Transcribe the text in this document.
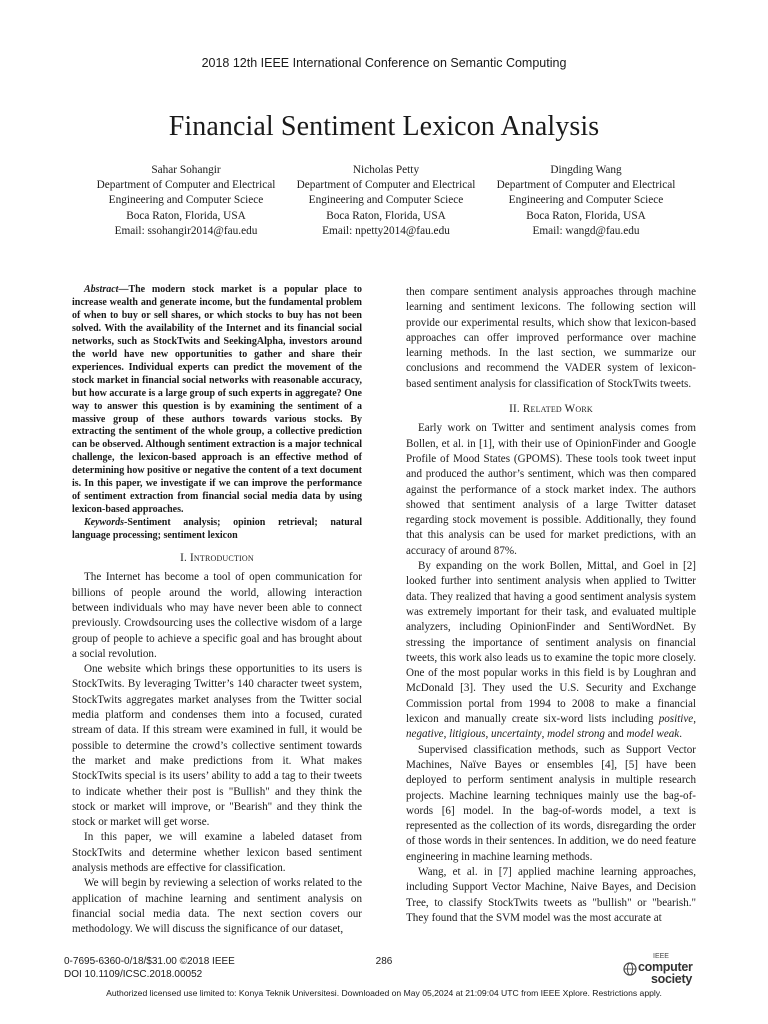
2018 12th IEEE International Conference on Semantic Computing
Financial Sentiment Lexicon Analysis
Sahar Sohangir
Department of Computer and Electrical
Engineering and Computer Sciece
Boca Raton, Florida, USA
Email: ssohangir2014@fau.edu
Nicholas Petty
Department of Computer and Electrical
Engineering and Computer Sciece
Boca Raton, Florida, USA
Email: npetty2014@fau.edu
Dingding Wang
Department of Computer and Electrical
Engineering and Computer Sciece
Boca Raton, Florida, USA
Email: wangd@fau.edu

Abstract—The modern stock market is a popular place to increase wealth and generate income, but the fundamental problem of when to buy or sell shares, or which stocks to buy has not been solved. With the availability of the Internet and its financial social networks, such as StockTwits and SeekingAlpha, investors around the world have new opportunities to gather and share their experiences. Individual experts can predict the movement of the stock market in financial social networks with reasonable accuracy, but how accurate is a large group of such experts in aggregate? One way to answer this question is by examining the sentiment of a massive group of these authors towards various stocks. By extracting the sentiment of the whole group, a collective prediction can be observed. Although sentiment extraction is a major technical challenge, the lexicon-based approach is an effective method of determining how positive or negative the content of a text document is. In this paper, we investigate if we can improve the performance of sentiment extraction from financial social media data by using lexicon-based approaches.

Keywords-Sentiment analysis; opinion retrieval; natural language processing; sentiment lexicon

I. Introduction

The Internet has become a tool of open communication for billions of people around the world, allowing interaction between individuals who may have never been able to connect previously. Crowdsourcing uses the collective wisdom of a large group of people to achieve a specific goal and has brought about a social revolution.

One website which brings these opportunities to its users is StockTwits. By leveraging Twitter’s 140 character tweet system, StockTwits aggregates market analyses from the Twitter social media platform and condenses them into a focused, curated stream of data. If this stream were examined in full, it would be possible to determine the crowd’s collective sentiment towards the market and make predictions from it. What makes StockTwits special is its users’ ability to add a tag to their tweets to indicate whether their post is "Bullish" and they think the stock or market will improve, or "Bearish" and they think the stock or market will get worse.

In this paper, we will examine a labeled dataset from StockTwits and determine whether lexicon based sentiment analysis methods are effective for classification.

We will begin by reviewing a selection of works related to the application of machine learning and sentiment analysis on financial social media data. The next section covers our methodology. We will discuss the significance of our dataset,

then compare sentiment analysis approaches through machine learning and sentiment lexicons. The following section will provide our experimental results, which show that lexicon-based approaches can offer improved performance over machine learning methods. In the last section, we summarize our conclusions and recommend the VADER system of lexicon-based sentiment analysis for classification of StockTwits tweets.

II. Related Work

Early work on Twitter and sentiment analysis comes from Bollen, et al. in [1], with their use of OpinionFinder and Google Profile of Mood States (GPOMS). These tools took tweet input and produced the author’s sentiment, which was then compared against the performance of a stock market index. The authors showed that sentiment analysis of a large Twitter dataset regarding stock movement is possible. Additionally, they found that this analysis can be used for market predictions, with an accuracy of around 87%.

By expanding on the work Bollen, Mittal, and Goel in [2] looked further into sentiment analysis when applied to Twitter data. They realized that having a good sentiment analysis system was extremely important for their task, and evaluated multiple analyzers, including OpinionFinder and SentiWordNet. By stressing the importance of sentiment analysis on financial tweets, this work also leads us to examine the topic more closely. One of the most popular works in this field is by Loughran and McDonald [3]. They used the U.S. Security and Exchange Commission portal from 1994 to 2008 to make a financial lexicon and manually create six-word lists including positive, negative, litigious, uncertainty, model strong and model weak.

Supervised classification methods, such as Support Vector Machines, Naïve Bayes or ensembles [4], [5] have been deployed to perform sentiment analysis in multiple research projects. Machine learning techniques mainly use the bag-of-words [6] model. In the bag-of-words model, a text is represented as the collection of its words, disregarding the order of those words in their sentences. In addition, we do need feature engineering in machine learning methods.

Wang, et al. in [7] applied machine learning approaches, including Support Vector Machine, Naive Bayes, and Decision Tree, to classify StockTwits tweets as "bullish" or "bearish." They found that the SVM model was the most accurate at

0-7695-6360-0/18/$31.00 ©2018 IEEE
DOI 10.1109/ICSC.2018.00052
286	IEEE
computer
society
Authorized licensed use limited to: Konya Teknik Universitesi. Downloaded on May 05,2024 at 21:09:04 UTC from IEEE Xplore. Restrictions apply.
